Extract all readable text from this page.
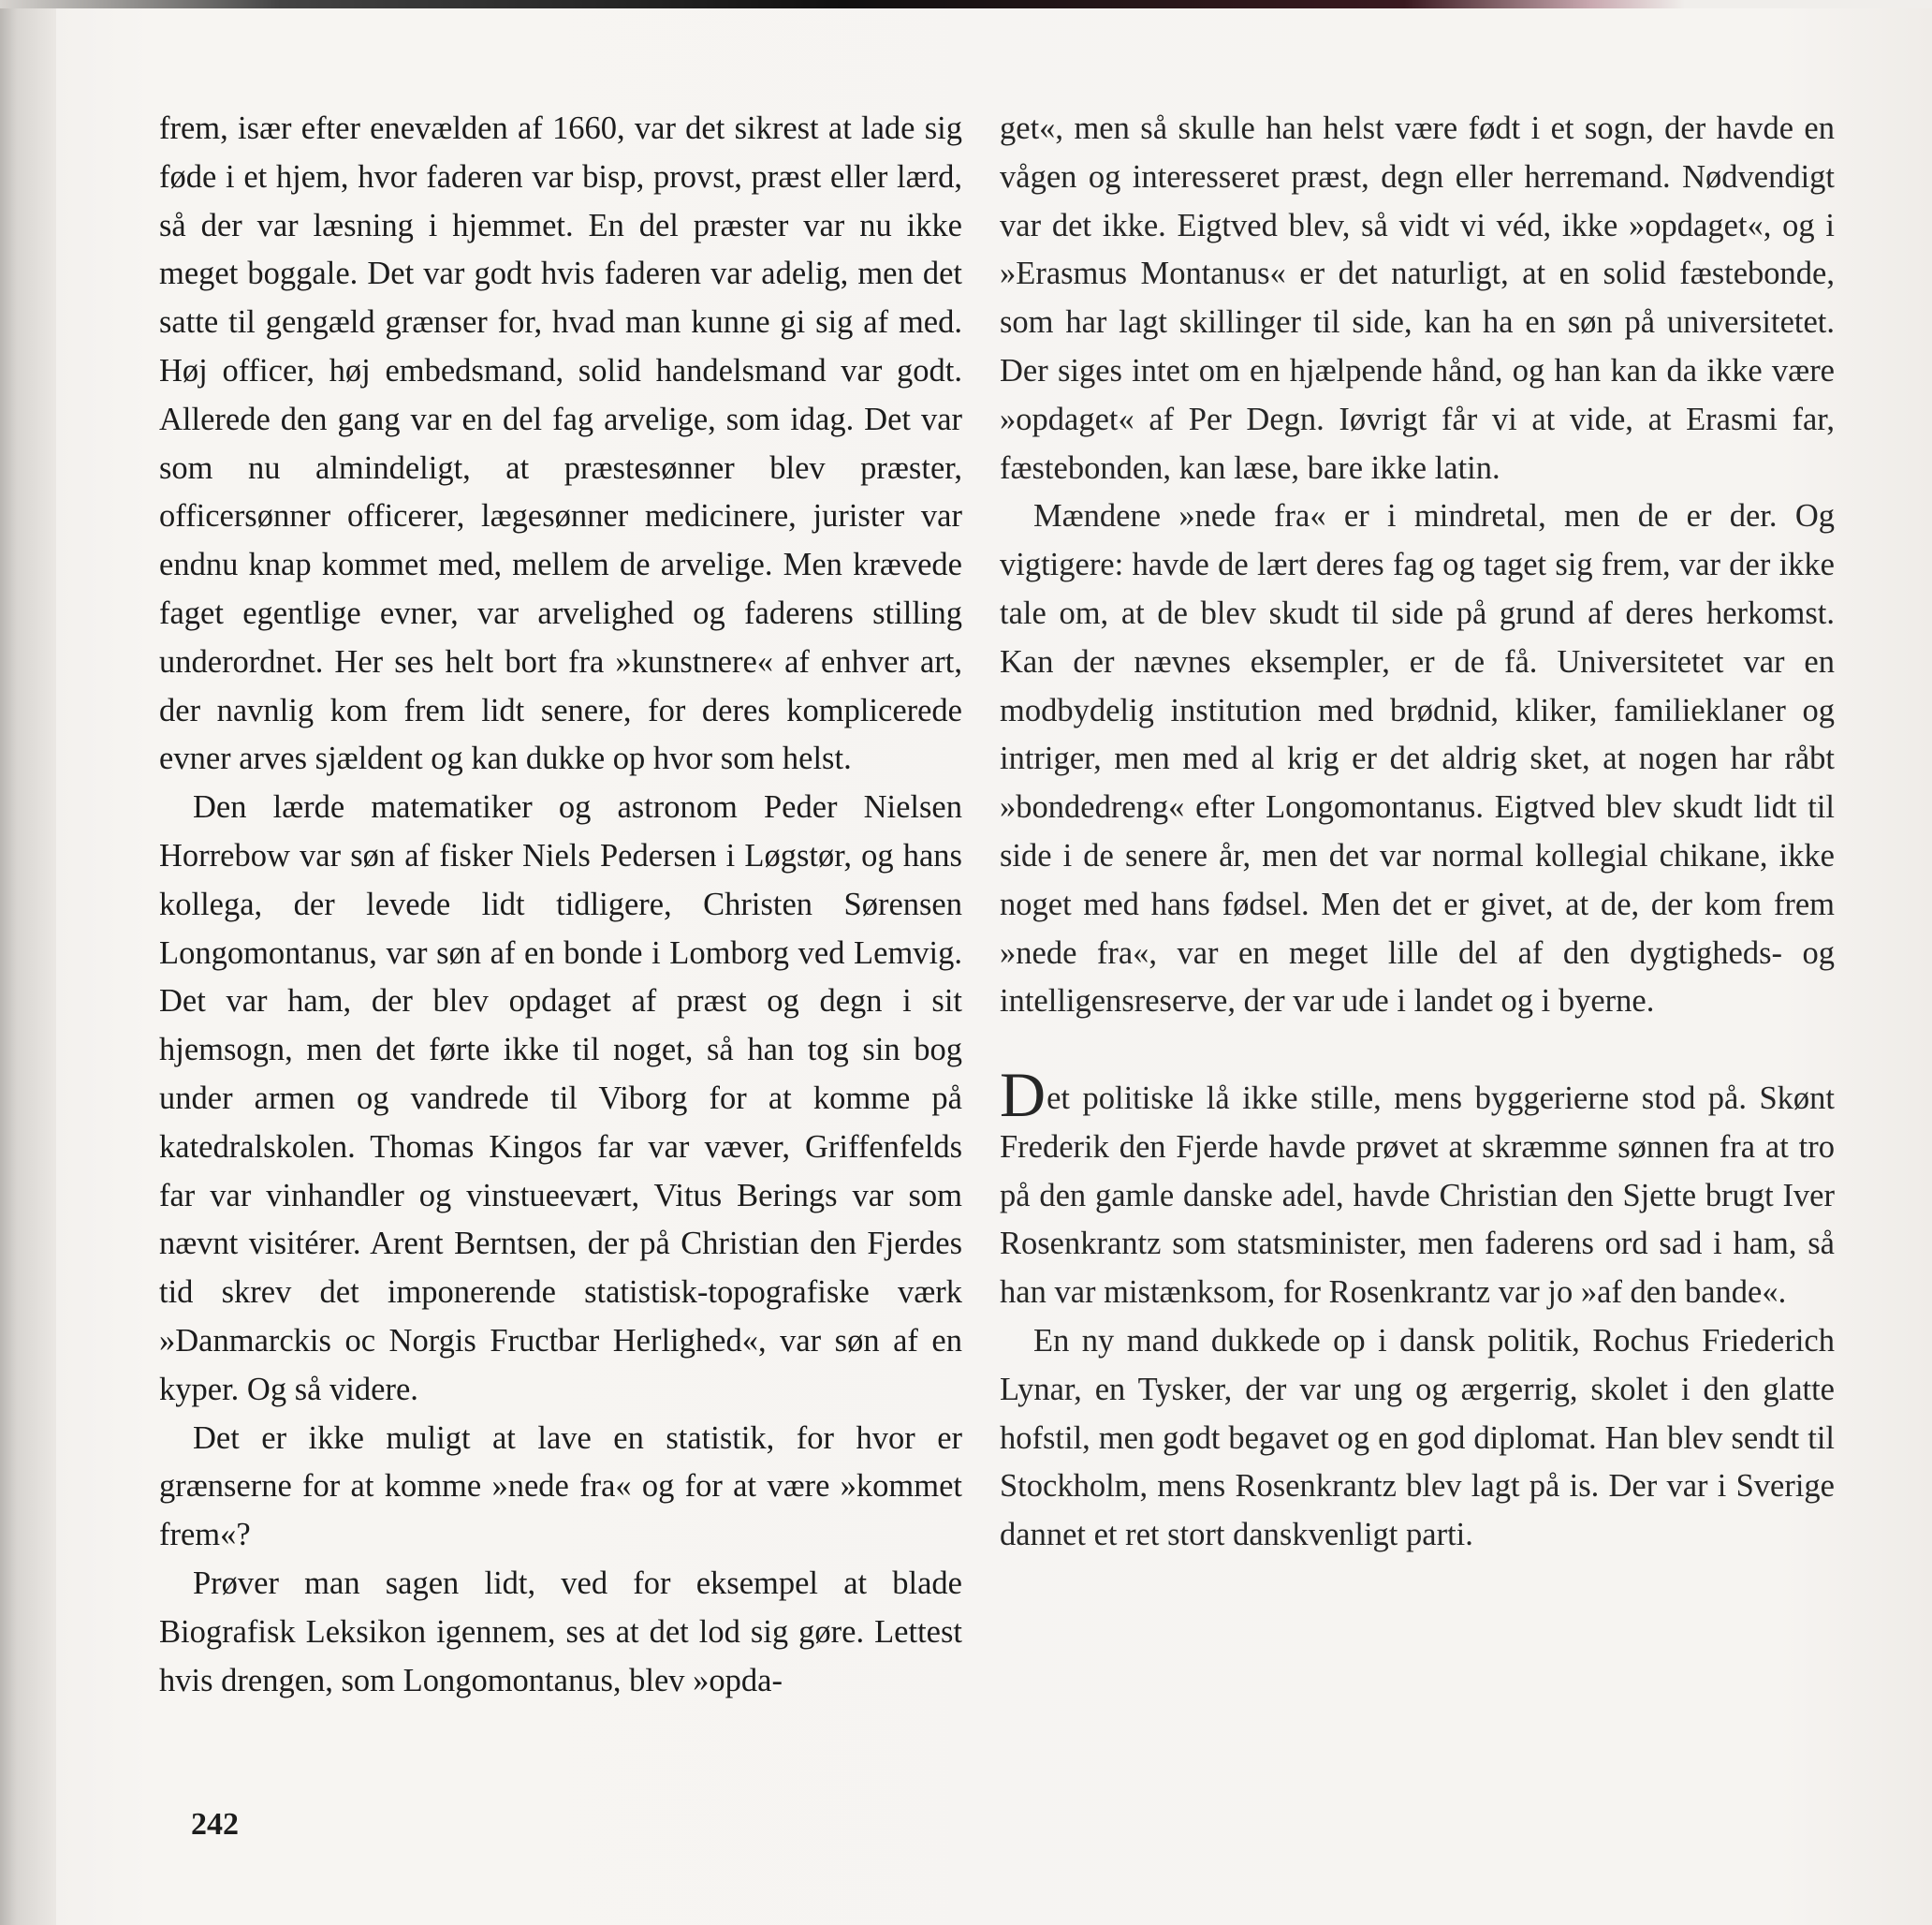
frem, især efter enevælden af 1660, var det sikrest at lade sig føde i et hjem, hvor faderen var bisp, provst, præst eller lærd, så der var læsning i hjemmet. En del præster var nu ikke meget boggale. Det var godt hvis faderen var adelig, men det satte til gengæld grænser for, hvad man kunne gi sig af med. Høj officer, høj embedsmand, solid handelsmand var godt. Allerede den gang var en del fag arvelige, som idag. Det var som nu almindeligt, at præstesønner blev præster, officersønner officerer, lægesønner medicinere, jurister var endnu knap kommet med, mellem de arvelige. Men krævede faget egentlige evner, var arvelighed og faderens stilling underordnet. Her ses helt bort fra »kunstnere« af enhver art, der navnlig kom frem lidt senere, for deres komplicerede evner arves sjældent og kan dukke op hvor som helst.

Den lærde matematiker og astronom Peder Nielsen Horrebow var søn af fisker Niels Pedersen i Løgstør, og hans kollega, der levede lidt tidligere, Christen Sørensen Longomontanus, var søn af en bonde i Lomborg ved Lemvig. Det var ham, der blev opdaget af præst og degn i sit hjemsogn, men det førte ikke til noget, så han tog sin bog under armen og vandrede til Viborg for at komme på katedralskolen. Thomas Kingos far var væver, Griffenfelds far var vinhandler og vinstueevært, Vitus Berings var som nævnt visitérer. Arent Berntsen, der på Christian den Fjerdes tid skrev det imponerende statistisk-topografiske værk »Danmarckis oc Norgis Fructbar Herlighed«, var søn af en kyper. Og så videre.

Det er ikke muligt at lave en statistik, for hvor er grænserne for at komme »nede fra« og for at være »kommet frem«?

Prøver man sagen lidt, ved for eksempel at blade Biografisk Leksikon igennem, ses at det lod sig gøre. Lettest hvis drengen, som Longomontanus, blev »opda-

get«, men så skulle han helst være født i et sogn, der havde en vågen og interesseret præst, degn eller herremand. Nødvendigt var det ikke. Eigtved blev, så vidt vi véd, ikke »opdaget«, og i »Erasmus Montanus« er det naturligt, at en solid fæstebonde, som har lagt skillinger til side, kan ha en søn på universitetet. Der siges intet om en hjælpende hånd, og han kan da ikke være »opdaget« af Per Degn. Iøvrigt får vi at vide, at Erasmi far, fæstebonden, kan læse, bare ikke latin.

Mændene »nede fra« er i mindretal, men de er der. Og vigtigere: havde de lært deres fag og taget sig frem, var der ikke tale om, at de blev skudt til side på grund af deres herkomst. Kan der nævnes eksempler, er de få. Universitetet var en modbydelig institution med brødnid, kliker, familieklaner og intriger, men med al krig er det aldrig sket, at nogen har råbt »bondedreng« efter Longomontanus. Eigtved blev skudt lidt til side i de senere år, men det var normal kollegial chikane, ikke noget med hans fødsel. Men det er givet, at de, der kom frem »nede fra«, var en meget lille del af den dygtigheds- og intelligensreserve, der var ude i landet og i byerne.

Det politiske lå ikke stille, mens byggerierne stod på. Skønt Frederik den Fjerde havde prøvet at skræmme sønnen fra at tro på den gamle danske adel, havde Christian den Sjette brugt Iver Rosenkrantz som statsminister, men faderens ord sad i ham, så han var mistænksom, for Rosenkrantz var jo »af den bande«.

En ny mand dukkede op i dansk politik, Rochus Friederich Lynar, en Tysker, der var ung og ærgerrig, skolet i den glatte hofstil, men godt begavet og en god diplomat. Han blev sendt til Stockholm, mens Rosenkrantz blev lagt på is. Der var i Sverige dannet et ret stort danskvenligt parti.

242
